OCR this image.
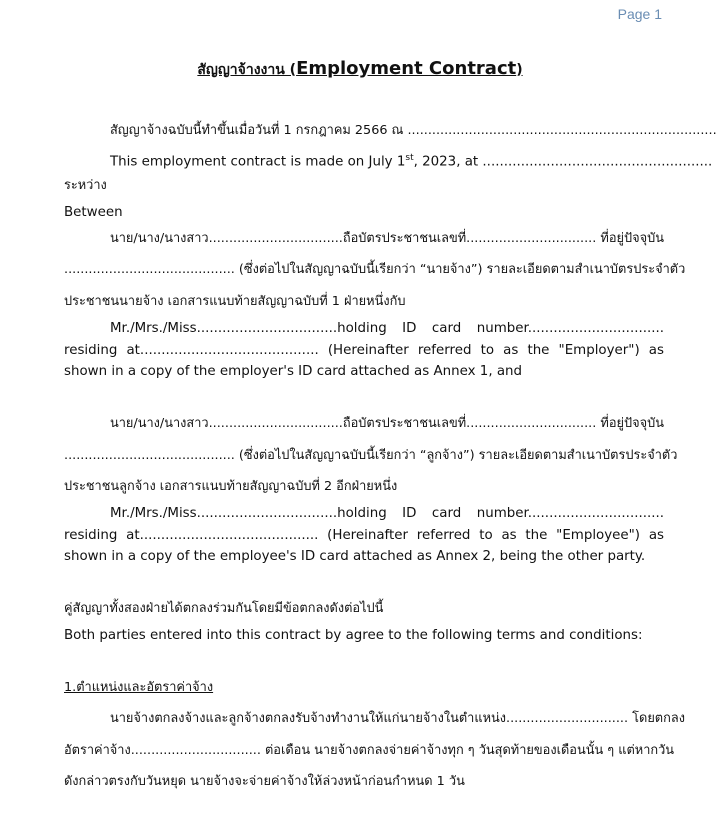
Page 1
สัญญาจ้างงาน (Employment Contract)

สัญญาจ้างฉบับนี้ทำขึ้นเมื่อวันที่ 1 กรกฎาคม 2566 ณ ............................................................................

This employment contract is made on July 1st, 2023, at ......................................................

ระหว่าง

Between

นาย/นาง/นางสาว.................................ถือบัตรประชาชนเลขที่................................ ที่อยู่ปัจจุบัน

.......................................... (ซึ่งต่อไปในสัญญาฉบับนี้เรียกว่า “นายจ้าง”) รายละเอียดตามสำเนาบัตรประจำตัว

ประชาชนนายจ้าง เอกสารแนบท้ายสัญญาฉบับที่ 1 ฝ่ายหนึ่งกับ

Mr./Mrs./Miss.................................holding ID card number................................ residing at.......................................... (Hereinafter referred to as the "Employer") as shown in a copy of the employer's ID card attached as Annex 1, and

นาย/นาง/นางสาว.................................ถือบัตรประชาชนเลขที่................................ ที่อยู่ปัจจุบัน

.......................................... (ซึ่งต่อไปในสัญญาฉบับนี้เรียกว่า “ลูกจ้าง”) รายละเอียดตามสำเนาบัตรประจำตัว

ประชาชนลูกจ้าง เอกสารแนบท้ายสัญญาฉบับที่ 2 อีกฝ่ายหนึ่ง

Mr./Mrs./Miss.................................holding ID card number................................ residing at.......................................... (Hereinafter referred to as the "Employee") as shown in a copy of the employee's ID card attached as Annex 2, being the other party.

คู่สัญญาทั้งสองฝ่ายได้ตกลงร่วมกันโดยมีข้อตกลงดังต่อไปนี้

Both parties entered into this contract by agree to the following terms and conditions:

1.ตำแหน่งและอัตราค่าจ้าง

นายจ้างตกลงจ้างและลูกจ้างตกลงรับจ้างทำงานให้แก่นายจ้างในตำแหน่ง.............................. โดยตกลง

อัตราค่าจ้าง................................ ต่อเดือน นายจ้างตกลงจ่ายค่าจ้างทุก ๆ วันสุดท้ายของเดือนนั้น ๆ แต่หากวัน

ดังกล่าวตรงกับวันหยุด นายจ้างจะจ่ายค่าจ้างให้ล่วงหน้าก่อนกำหนด 1 วัน
